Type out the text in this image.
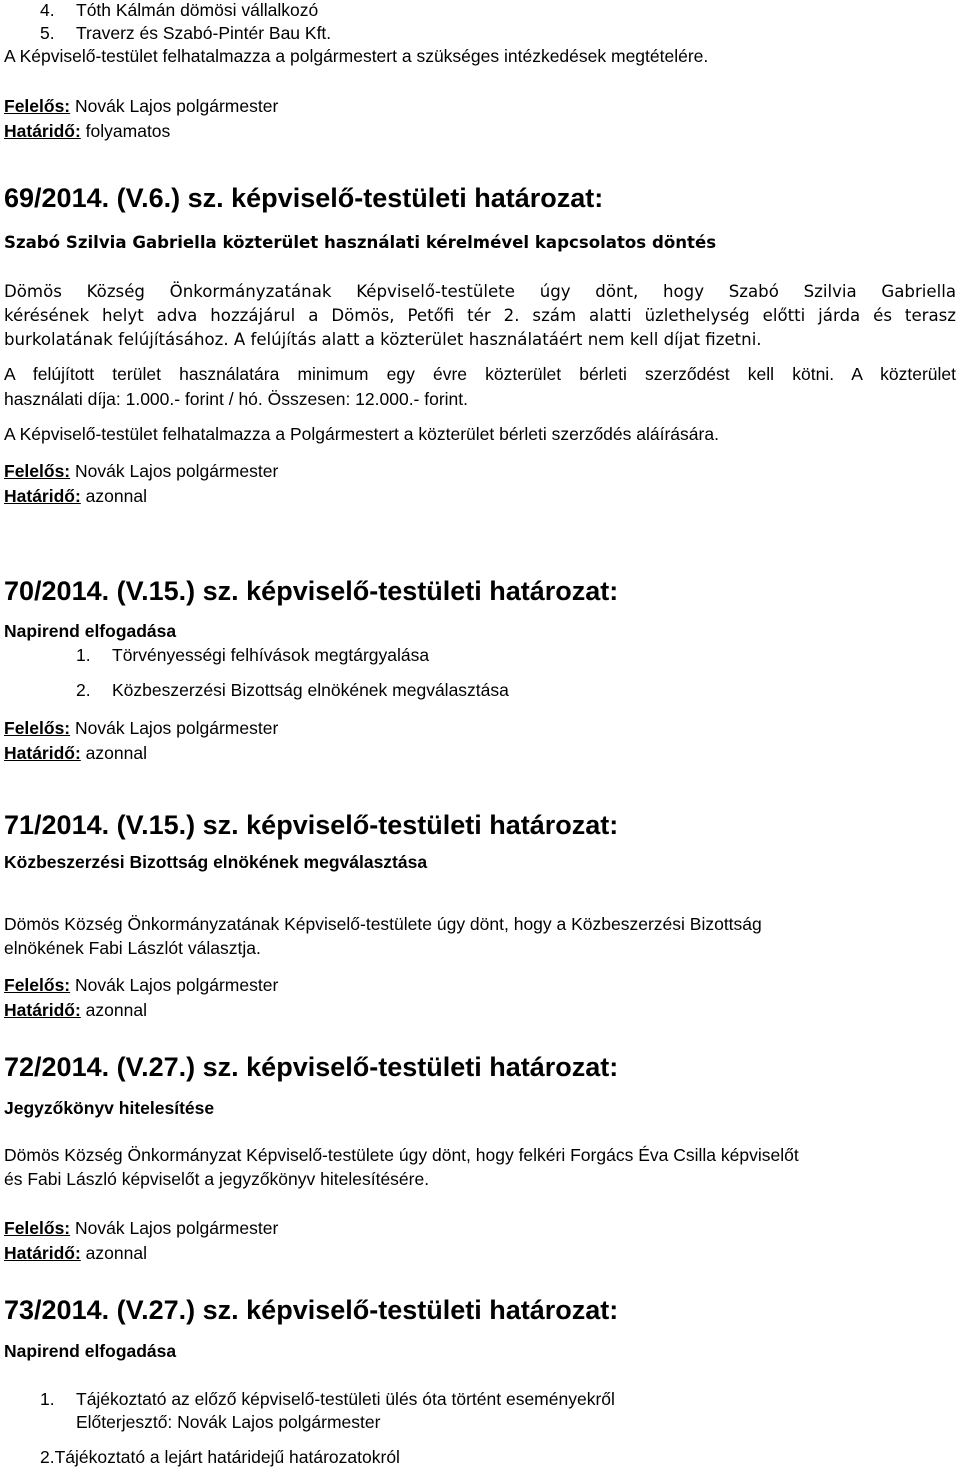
4. Tóth Kálmán dömösi vállalkozó
5. Traverz és Szabó-Pintér Bau Kft.
A Képviselő-testület felhatalmazza a polgármestert a szükséges intézkedések megtételére.
Felelős: Novák Lajos polgármester
Határidő: folyamatos
69/2014. (V.6.) sz. képviselő-testületi határozat:
Szabó Szilvia Gabriella közterület használati kérelmével kapcsolatos döntés
Dömös Község Önkormányzatának Képviselő-testülete úgy dönt, hogy Szabó Szilvia Gabriella
kérésének helyt adva hozzájárul a Dömös, Petőfi tér 2. szám alatti üzlethelység előtti járda és terasz
burkolatának felújításához. A felújítás alatt a közterület használatáért nem kell díjat fizetni.
A felújított terület használatára minimum egy évre közterület bérleti szerződést kell kötni. A közterület
használati díja: 1.000.- forint / hó. Összesen: 12.000.- forint.
A Képviselő-testület felhatalmazza a Polgármestert a közterület bérleti szerződés aláírására.
Felelős: Novák Lajos polgármester
Határidő: azonnal
70/2014. (V.15.) sz. képviselő-testületi határozat:
Napirend elfogadása
1. Törvényességi felhívások megtárgyalása
2. Közbeszerzési Bizottság elnökének megválasztása
Felelős: Novák Lajos polgármester
Határidő: azonnal
71/2014. (V.15.) sz. képviselő-testületi határozat:
Közbeszerzési Bizottság elnökének megválasztása
Dömös Község Önkormányzatának Képviselő-testülete úgy dönt, hogy a Közbeszerzési Bizottság
elnökének Fabi Lászlót választja.
Felelős: Novák Lajos polgármester
Határidő: azonnal
72/2014. (V.27.) sz. képviselő-testületi határozat:
Jegyzőkönyv hitelesítése
Dömös Község Önkormányzat Képviselő-testülete úgy dönt, hogy felkéri Forgács Éva Csilla képviselőt
és Fabi László képviselőt a jegyzőkönyv hitelesítésére.
Felelős: Novák Lajos polgármester
Határidő: azonnal
73/2014. (V.27.) sz. képviselő-testületi határozat:
Napirend elfogadása
1. Tájékoztató az előző képviselő-testületi ülés óta történt eseményekről
Előterjesztő: Novák Lajos polgármester
2.Tájékoztató a lejárt határidejű határozatokról
